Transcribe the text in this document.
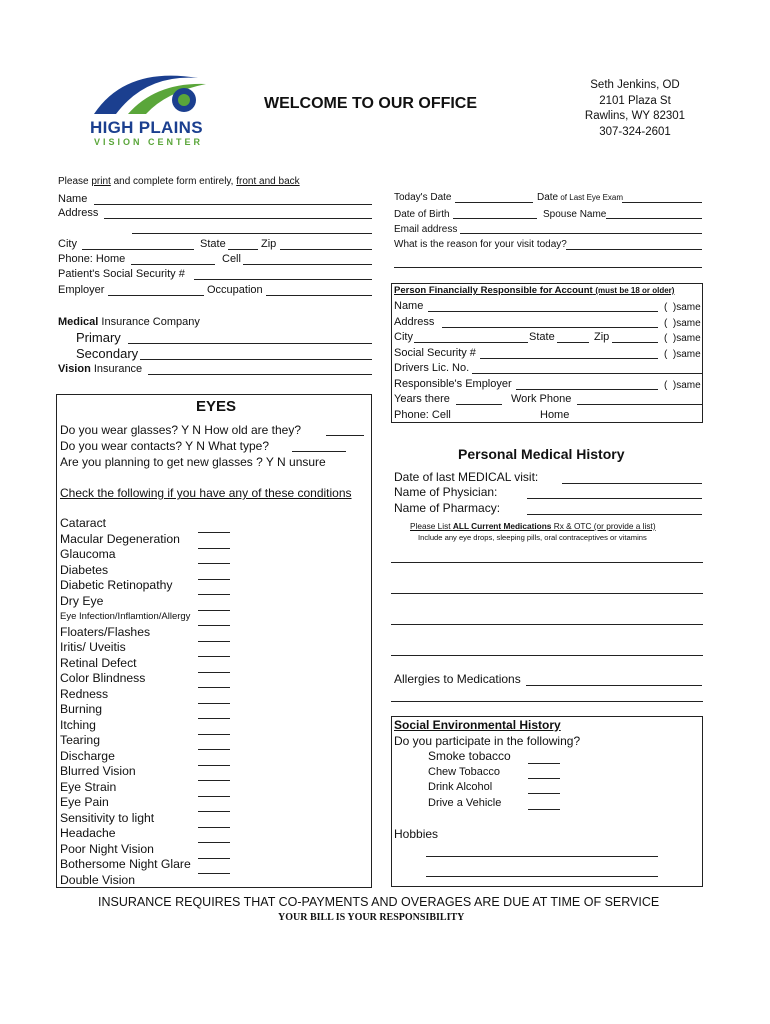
HIGH PLAINS
VISION CENTER
WELCOME TO OUR OFFICE
Seth Jenkins, OD
2101 Plaza St
Rawlins, WY 82301
307-324-2601
Please print and complete form entirely, front and back
Name
Address
City	State	Zip
Phone: Home	Cell
Patient's Social Security #
Employer	Occupation
Medical Insurance Company
Primary
Secondary
Vision Insurance
Today's Date	Date of Last Eye Exam
Date of Birth	Spouse Name
Email address
What is the reason for your visit today?
Person Financially Responsible for Account (must be 18 or older)
Name	( )same
Address	( )same
City	State	Zip	( )same
Social Security #	( )same
Drivers Lic. No.
Responsible's Employer	( )same
Years there	Work Phone
Phone: Cell	Home
EYES
Do you wear glasses? Y N How old are they?
Do you wear contacts? Y N What type?
Are you planning to get new glasses ? Y N unsure
Check the following if you have any of these conditions
Cataract
Macular Degeneration
Glaucoma
Diabetes
Diabetic Retinopathy
Dry Eye
Eye Infection/Inflamtion/Allergy
Floaters/Flashes
Iritis/ Uveitis
Retinal Defect
Color Blindness
Redness
Burning
Itching
Tearing
Discharge
Blurred Vision
Eye Strain
Eye Pain
Sensitivity to light
Headache
Poor Night Vision
Bothersome Night Glare
Double Vision
Personal Medical History
Date of last MEDICAL visit:
Name of Physician:
Name of Pharmacy:
Please List ALL Current Medications Rx & OTC (or provide a list)
Include any eye drops, sleeping pills, oral contraceptives or vitamins
Allergies to Medications
Social Environmental History
Do you participate in the following?
Smoke tobacco
Chew Tobacco
Drink Alcohol
Drive a Vehicle
Hobbies
INSURANCE REQUIRES THAT CO-PAYMENTS AND OVERAGES ARE DUE AT TIME OF SERVICE
YOUR BILL IS YOUR RESPONSIBILITY
